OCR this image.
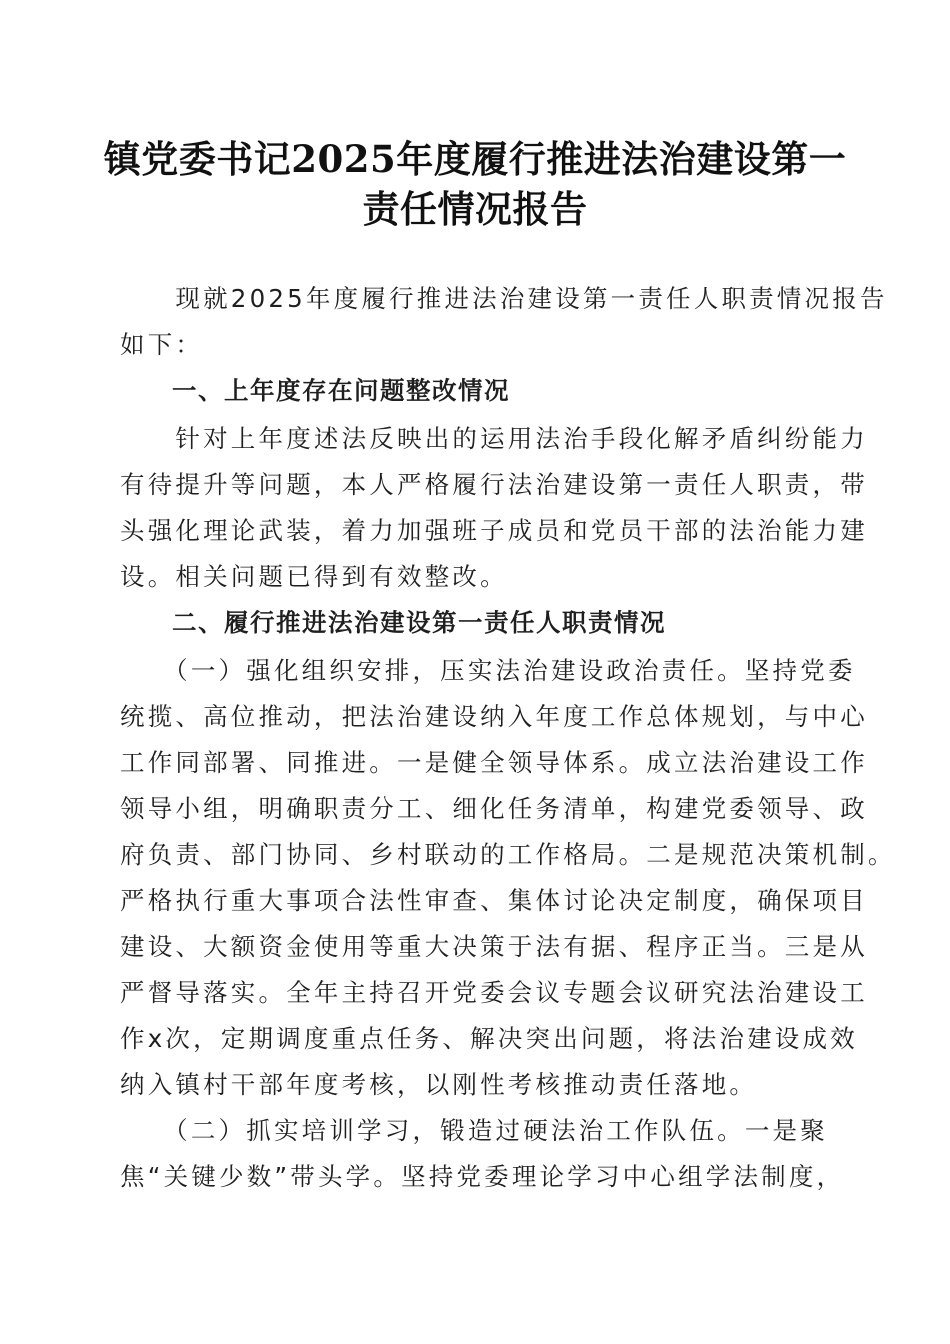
镇党委书记2025年度履行推进法治建设第一
责任情况报告

　　现就2025年度履行推进法治建设第一责任人职责情况报告
如下：

　　一、上年度存在问题整改情况

　　针对上年度述法反映出的运用法治手段化解矛盾纠纷能力
有待提升等问题，本人严格履行法治建设第一责任人职责，带
头强化理论武装，着力加强班子成员和党员干部的法治能力建
设。相关问题已得到有效整改。

　　二、履行推进法治建设第一责任人职责情况

　　（一）强化组织安排，压实法治建设政治责任。坚持党委
统揽、高位推动，把法治建设纳入年度工作总体规划，与中心
工作同部署、同推进。一是健全领导体系。成立法治建设工作
领导小组，明确职责分工、细化任务清单，构建党委领导、政
府负责、部门协同、乡村联动的工作格局。二是规范决策机制。
严格执行重大事项合法性审查、集体讨论决定制度，确保项目
建设、大额资金使用等重大决策于法有据、程序正当。三是从
严督导落实。全年主持召开党委会议专题会议研究法治建设工
作x次，定期调度重点任务、解决突出问题，将法治建设成效
纳入镇村干部年度考核，以刚性考核推动责任落地。

　　（二）抓实培训学习，锻造过硬法治工作队伍。一是聚
焦“关键少数”带头学。坚持党委理论学习中心组学法制度，
